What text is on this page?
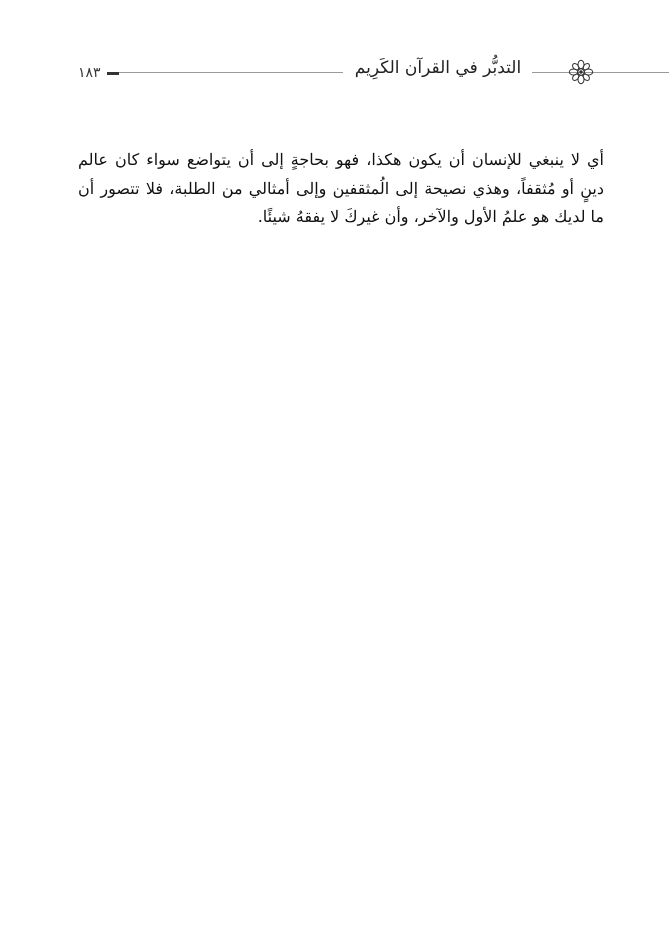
١٨٣	التدبُّر في القرآن الكَرِيم

أي لا ينبغي للإنسان أن يكون هكذا، فهو بحاجةٍ إلى أن يتواضع سواء كان عالم دينٍ أو مُثقفاً، وهذي نصيحة إلى الُمثقفين وإلى أمثالي من الطلبة، فلا تتصور أن ما لديك هو علمُ الأول والآخر، وأن غيركَ لا يفقهُ شيئًا.
